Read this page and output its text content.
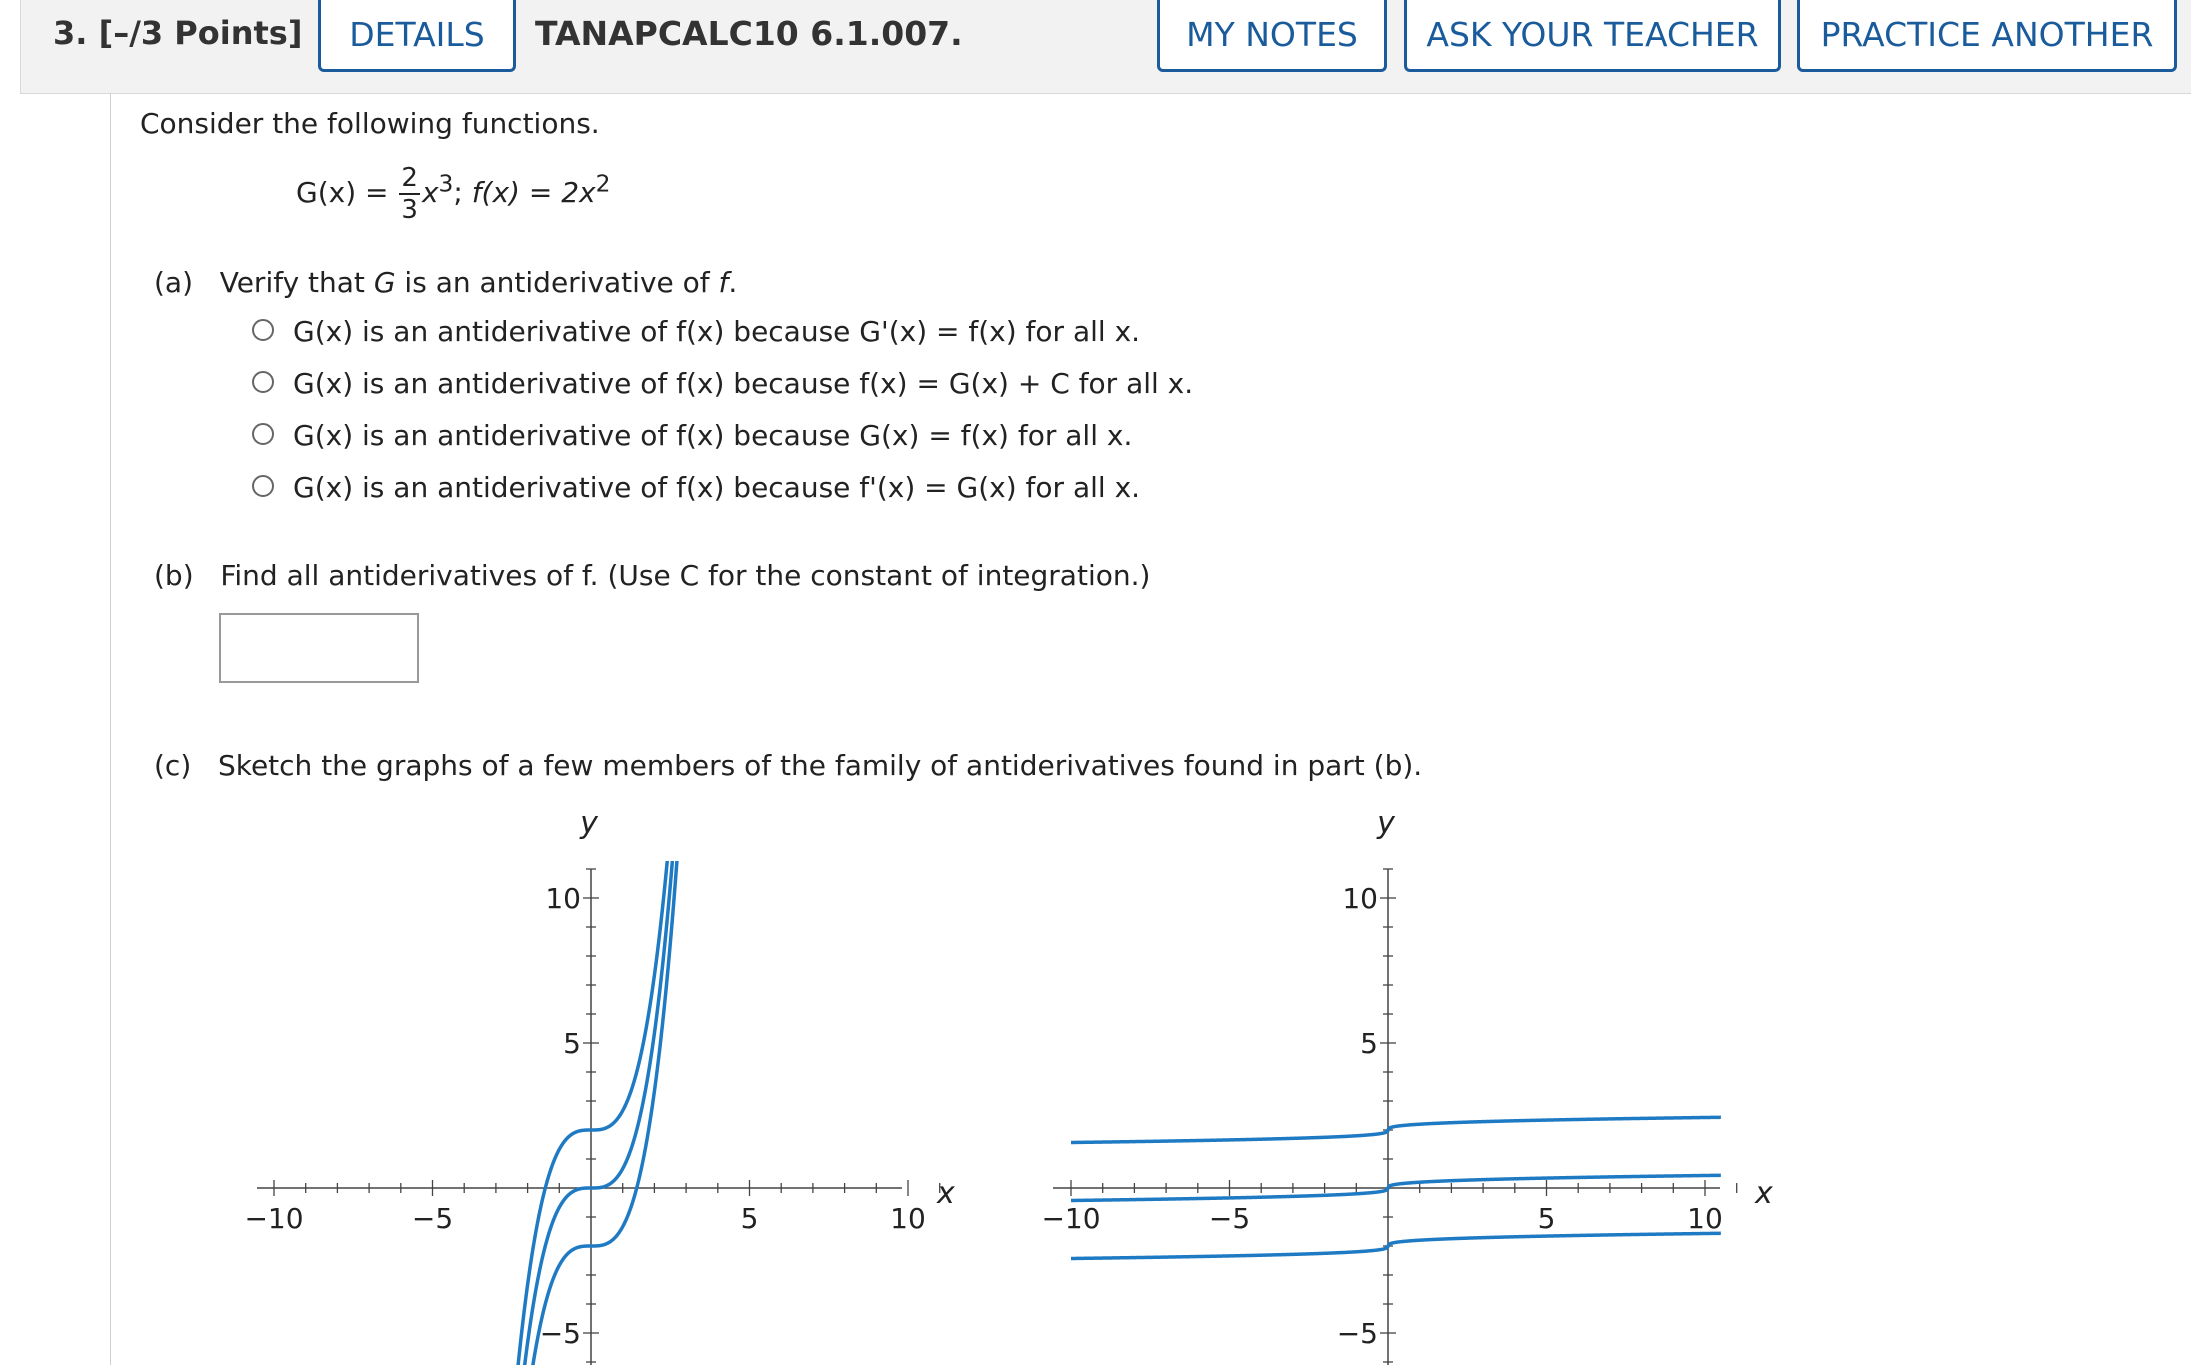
3. [–/3 Points]	DETAILS	TANAPCALC10 6.1.007.	MY NOTES	ASK YOUR TEACHER	PRACTICE ANOTHER
Consider the following functions.
$G(x) = \frac{2}{3} x^3$; $f(x) = 2x^2$
(a) Verify that G is an antiderivative of f.
G(x) is an antiderivative of f(x) because G'(x) = f(x) for all x.
G(x) is an antiderivative of f(x) because f(x) = G(x) + C for all x.
G(x) is an antiderivative of f(x) because G(x) = f(x) for all x.
G(x) is an antiderivative of f(x) because f'(x) = G(x) for all x.
(b) Find all antiderivatives of f. (Use C for the constant of integration.)
(c) Sketch the graphs of a few members of the family of antiderivatives found in part (b).
−10	−5	5	10
−5
5
10
x
y
−10	−5	5	10
−5
5
10
x
y
